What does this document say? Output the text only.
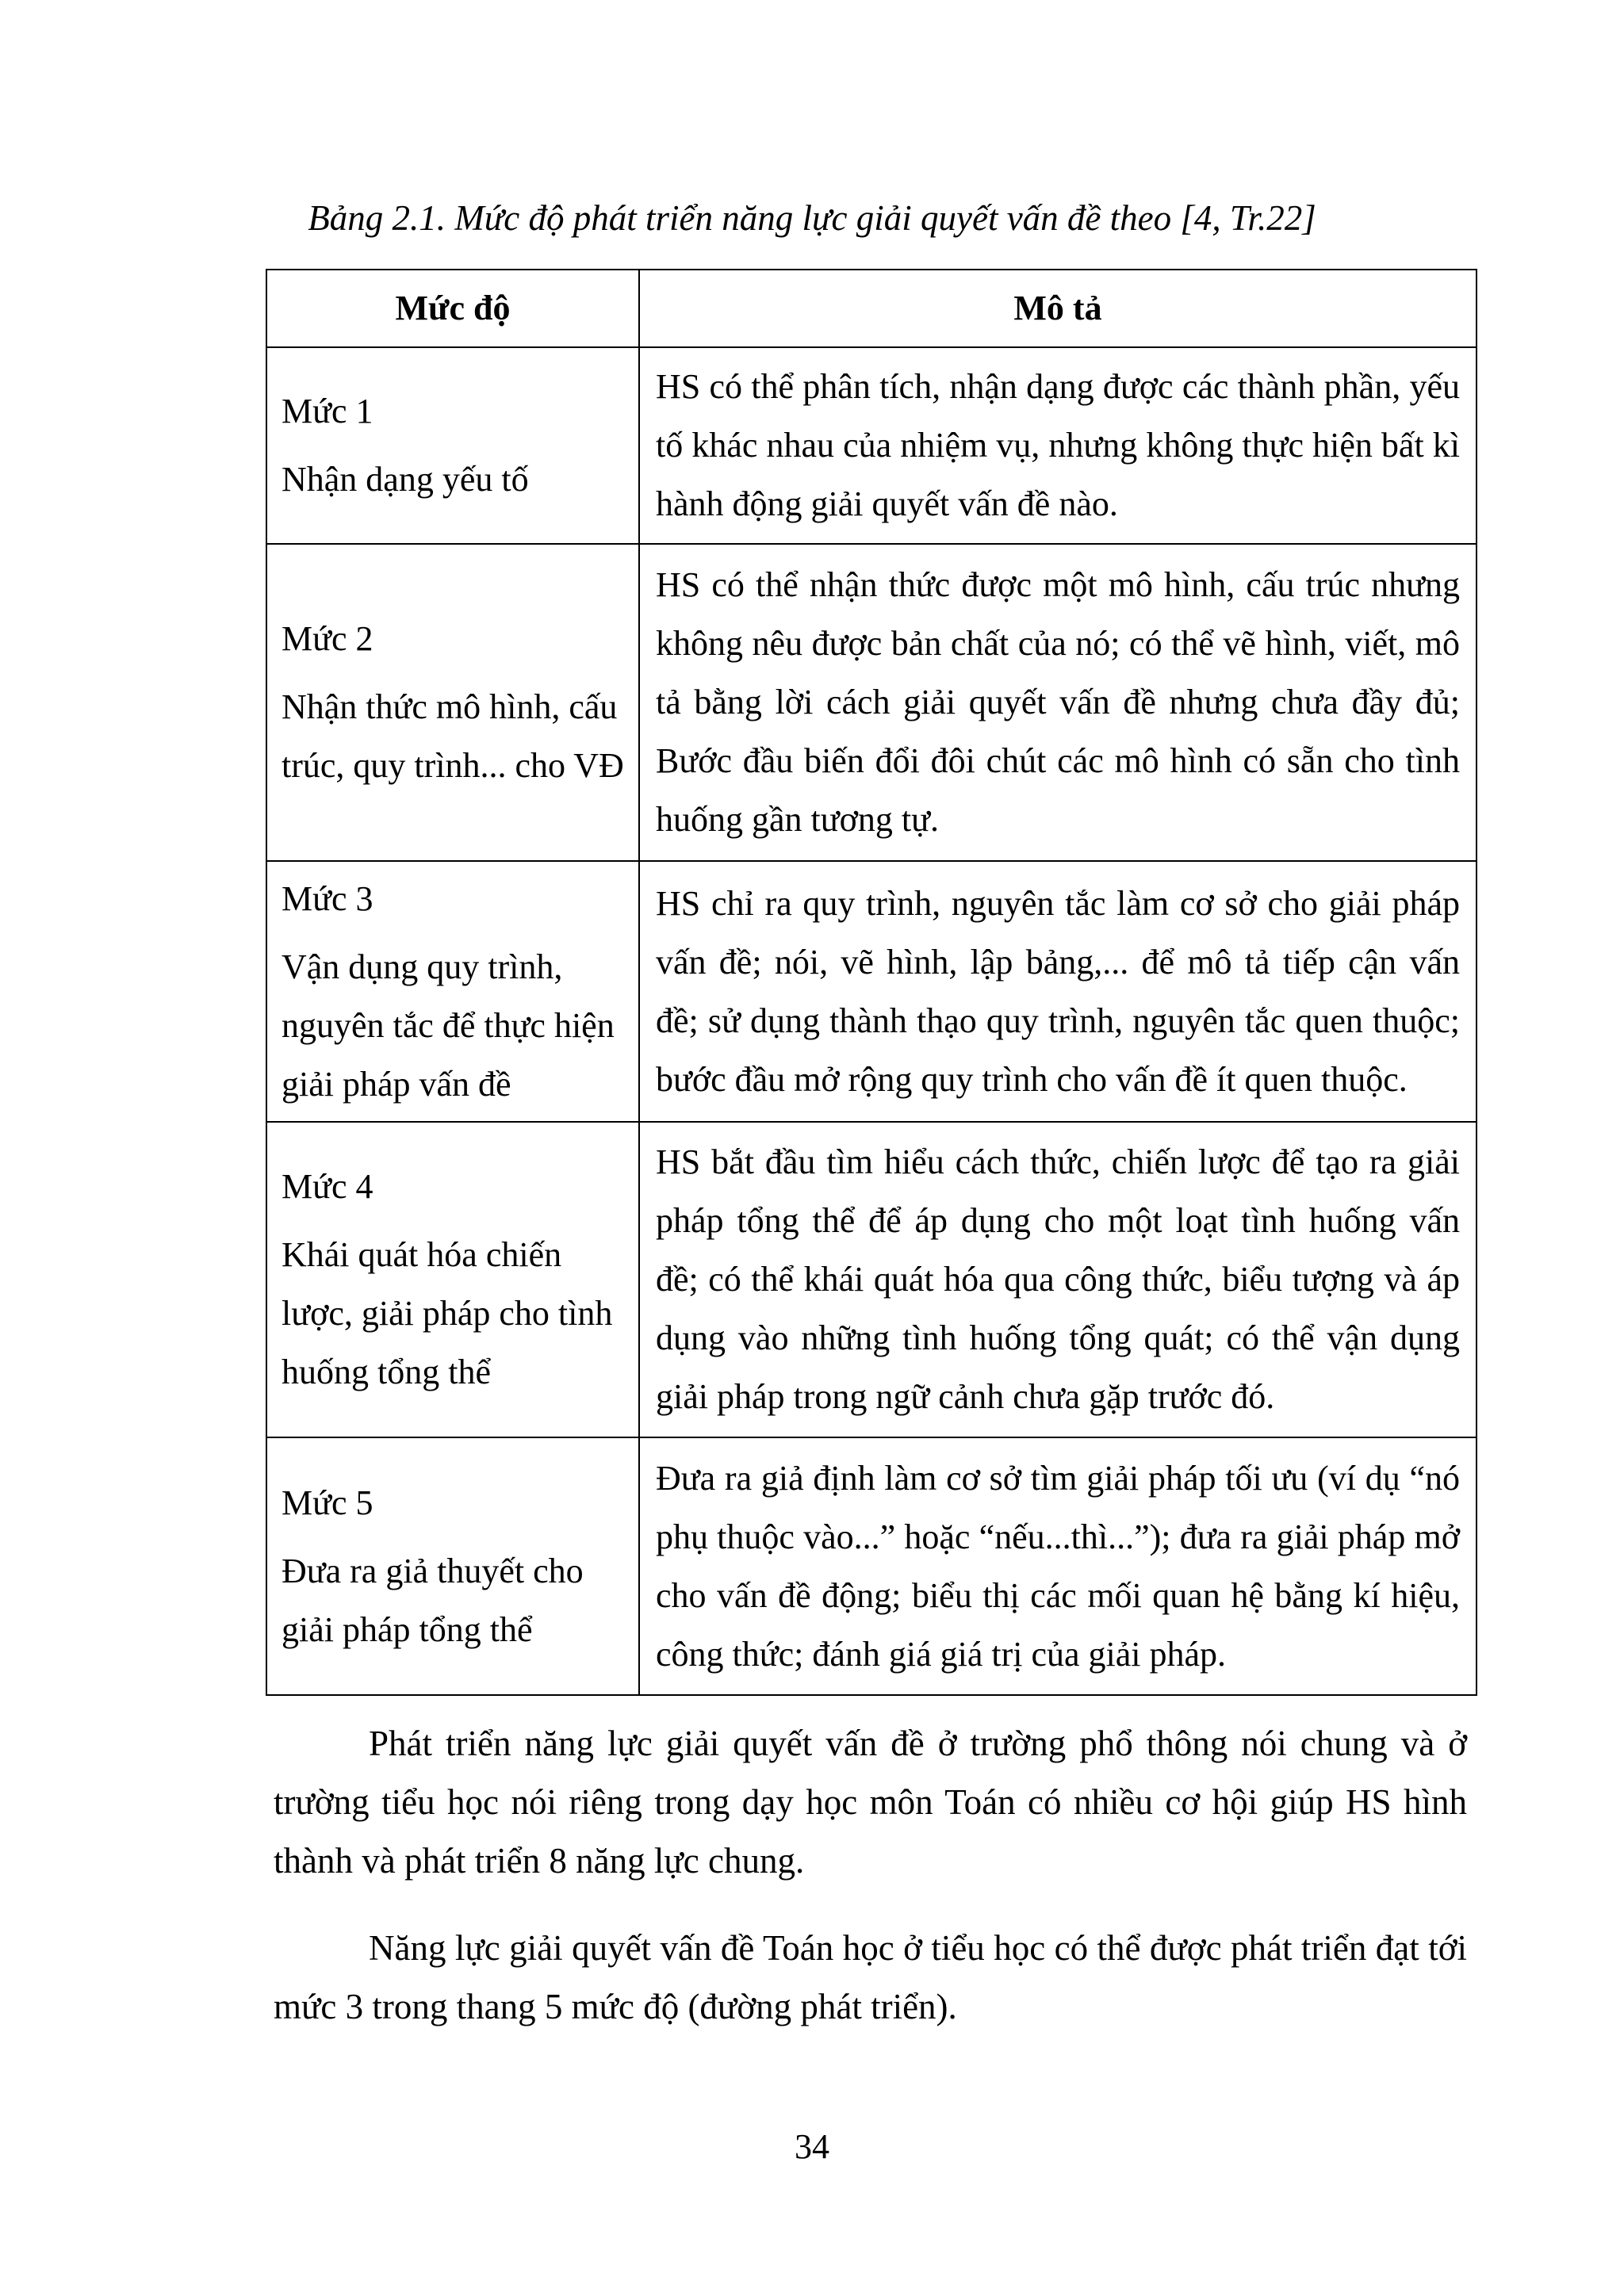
Bảng 2.1. Mức độ phát triển năng lực giải quyết vấn đề theo [4, Tr.22]
Mức độ	Mô tả

Mức 1
Nhận dạng yếu tố	HS có thể phân tích, nhận dạng được các thành phần, yếu tố khác nhau của nhiệm vụ, nhưng không thực hiện bất kì hành động giải quyết vấn đề nào.

Mức 2
Nhận thức mô hình, cấu trúc, quy trình... cho VĐ	HS có thể nhận thức được một mô hình, cấu trúc nhưng không nêu được bản chất của nó; có thể vẽ hình, viết, mô tả bằng lời cách giải quyết vấn đề nhưng chưa đầy đủ; Bước đầu biến đổi đôi chút các mô hình có sẵn cho tình huống gần tương tự.

Mức 3
Vận dụng quy trình, nguyên tắc để thực hiện giải pháp vấn đề	HS chỉ ra quy trình, nguyên tắc làm cơ sở cho giải pháp vấn đề; nói, vẽ hình, lập bảng,... để mô tả tiếp cận vấn đề; sử dụng thành thạo quy trình, nguyên tắc quen thuộc; bước đầu mở rộng quy trình cho vấn đề ít quen thuộc.

Mức 4
Khái quát hóa chiến lược, giải pháp cho tình huống tổng thể	HS bắt đầu tìm hiểu cách thức, chiến lược để tạo ra giải pháp tổng thể để áp dụng cho một loạt tình huống vấn đề; có thể khái quát hóa qua công thức, biểu tượng và áp dụng vào những tình huống tổng quát; có thể vận dụng giải pháp trong ngữ cảnh chưa gặp trước đó.

Mức 5
Đưa ra giả thuyết cho giải pháp tổng thể	Đưa ra giả định làm cơ sở tìm giải pháp tối ưu (ví dụ “nó phụ thuộc vào...” hoặc “nếu...thì...”); đưa ra giải pháp mở cho vấn đề động; biểu thị các mối quan hệ bằng kí hiệu, công thức; đánh giá giá trị của giải pháp.

Phát triển năng lực giải quyết vấn đề ở trường phổ thông nói chung và ở trường tiểu học nói riêng trong dạy học môn Toán có nhiều cơ hội giúp HS hình thành và phát triển 8 năng lực chung.

Năng lực giải quyết vấn đề Toán học ở tiểu học có thể được phát triển đạt tới mức 3 trong thang 5 mức độ (đường phát triển).

34
